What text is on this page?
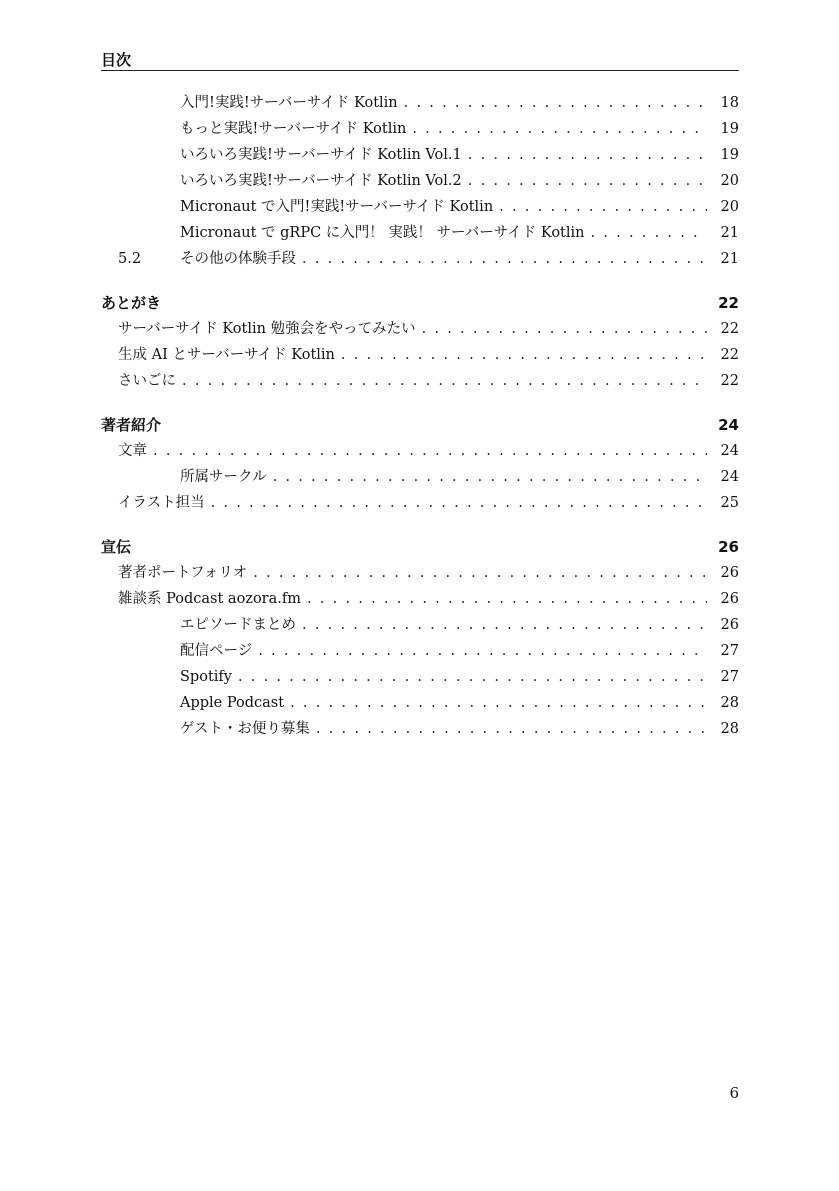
目次
入門!実践!サーバーサイド Kotlin . . .	18
もっと実践!サーバーサイド Kotlin . . .	19
いろいろ実践!サーバーサイド Kotlin Vol.1 . . .	19
いろいろ実践!サーバーサイド Kotlin Vol.2 . . .	20
Micronaut で入門!実践!サーバーサイド Kotlin . . .	20
Micronaut で gRPC に入門！ 実践！ サーバーサイド Kotlin . . .	21
5.2	その他の体験手段 . . .	21
あとがき	22
サーバーサイド Kotlin 勉強会をやってみたい . . .	22
生成 AI とサーバーサイド Kotlin . . .	22
さいごに . . .	22
著者紹介	24
文章 . . .	24
所属サークル . . .	24
イラスト担当 . . .	25
宣伝	26
著者ポートフォリオ . . .	26
雑談系 Podcast aozora.fm . . .	26
エピソードまとめ . . .	26
配信ページ . . .	27
Spotify . . .	27
Apple Podcast . . .	28
ゲスト・お便り募集 . . .	28
6
